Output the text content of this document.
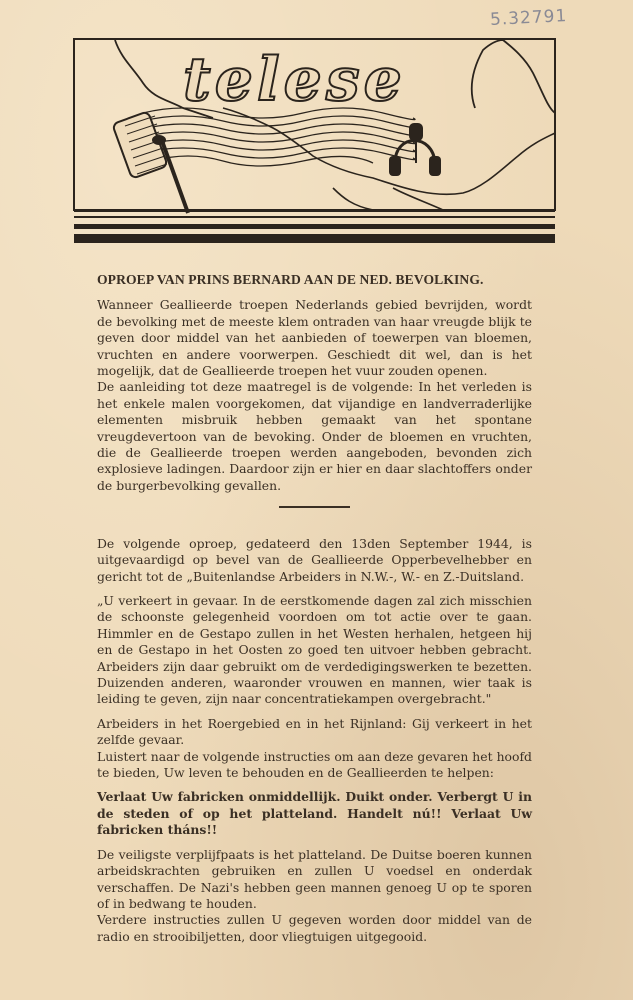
5.32791
telese
OPROEP VAN PRINS BERNARD AAN DE NED. BEVOLKING.

Wanneer Geallieerde troepen Nederlands gebied bevrijden, wordt de bevolking met de meeste klem ontraden van haar vreugde blijk te geven door middel van het aanbieden of toewerpen van bloemen, vruchten en andere voorwerpen. Geschiedt dit wel, dan is het mogelijk, dat de Geallieerde troepen het vuur zouden openen.

De aanleiding tot deze maatregel is de volgende: In het verleden is het enkele malen voorgekomen, dat vijandige en landverraderlijke elementen misbruik hebben gemaakt van het spontane vreugdevertoon van de bevoking. Onder de bloemen en vruchten, die de Geallieerde troepen werden aangeboden, bevonden zich explosieve ladingen. Daardoor zijn er hier en daar slachtoffers onder de burgerbevolking gevallen.

De volgende oproep, gedateerd den 13den September 1944, is uitgevaardigd op bevel van de Geallieerde Opperbevelhebber en gericht tot de „Buitenlandse Arbeiders in N.W.-, W.- en Z.-Duitsland.

„U verkeert in gevaar. In de eerstkomende dagen zal zich misschien de schoonste gelegenheid voordoen om tot actie over te gaan. Himmler en de Gestapo zullen in het Westen herhalen, hetgeen hij en de Gestapo in het Oosten zo goed ten uitvoer hebben gebracht. Arbeiders zijn daar gebruikt om de verdedigingswerken te bezetten. Duizenden anderen, waaronder vrouwen en mannen, wier taak is leiding te geven, zijn naar concentratiekampen overgebracht."

Arbeiders in het Roergebied en in het Rijnland: Gij verkeert in het zelfde gevaar.

Luistert naar de volgende instructies om aan deze gevaren het hoofd te bieden, Uw leven te behouden en de Geallieerden te helpen:

Verlaat Uw fabricken onmiddellijk. Duikt onder. Verbergt U in de steden of op het platteland. Handelt nú!! Verlaat Uw fabricken tháns!!

De veiligste verplijfpaats is het platteland. De Duitse boeren kunnen arbeidskrachten gebruiken en zullen U voedsel en onderdak verschaffen. De Nazi's hebben geen mannen genoeg U op te sporen of in bedwang te houden.

Verdere instructies zullen U gegeven worden door middel van de radio en strooibiljetten, door vliegtuigen uitgegooid.
